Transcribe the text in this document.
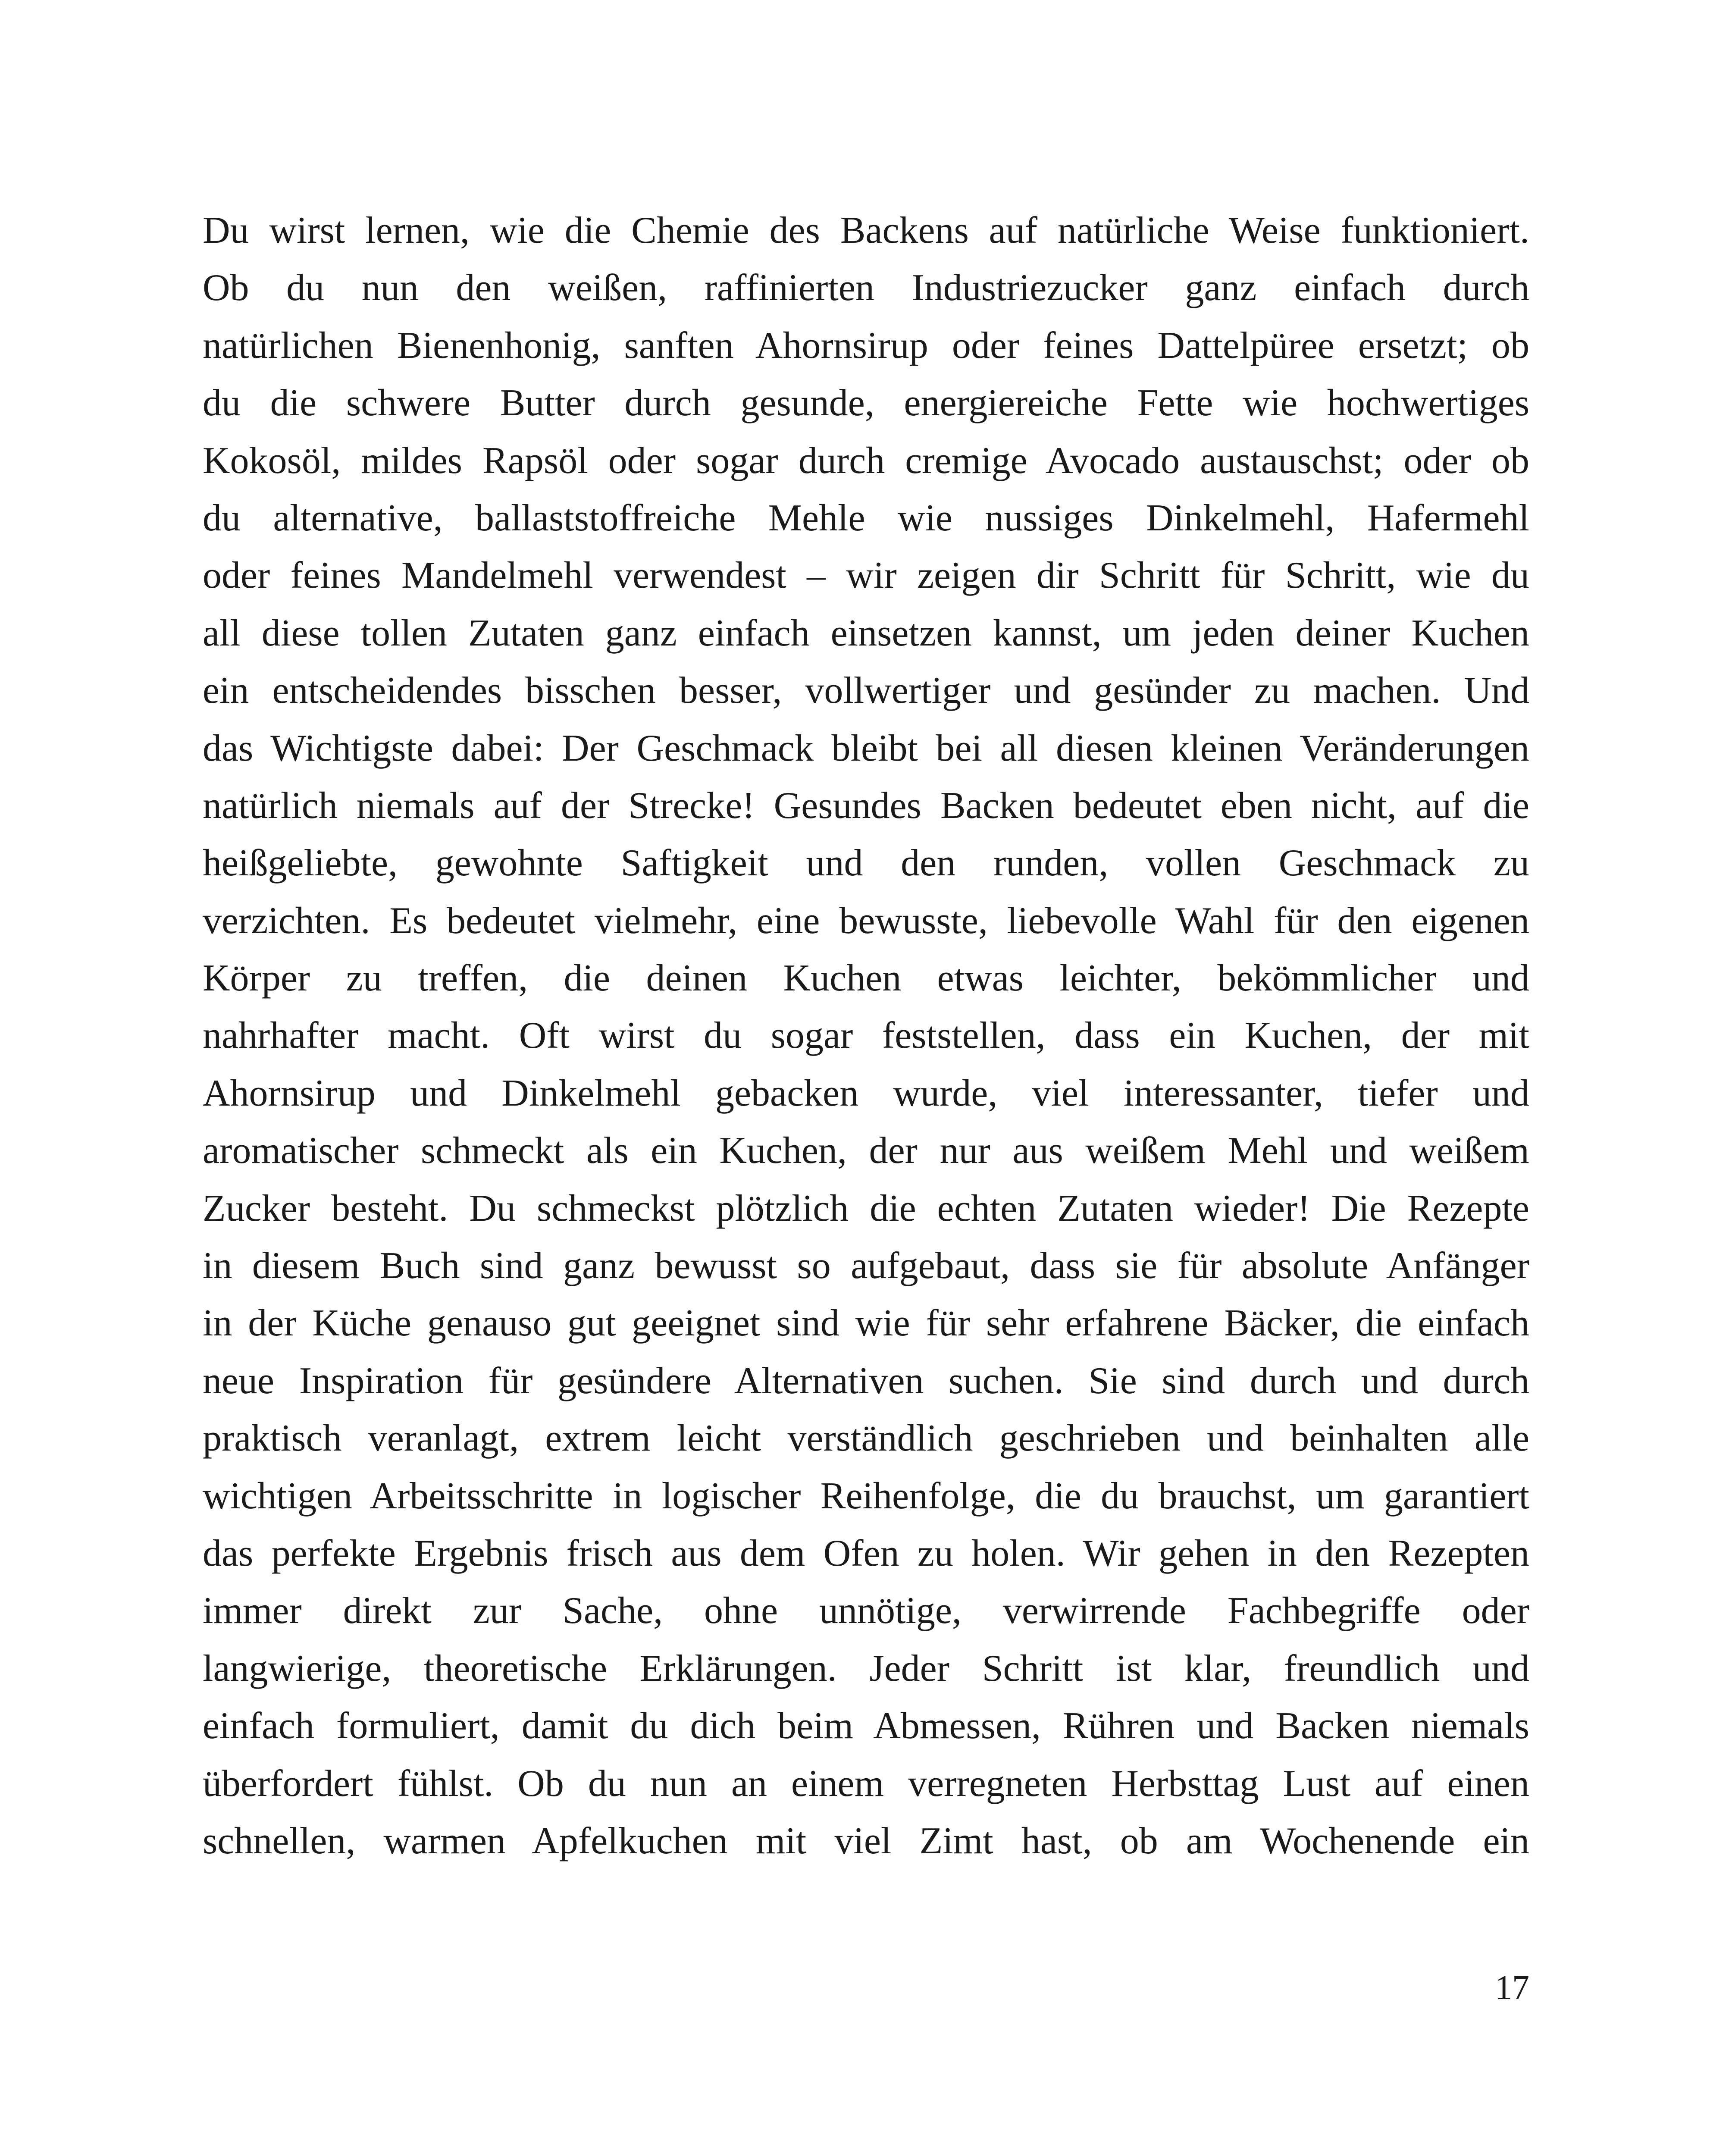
Du wirst lernen, wie die Chemie des Backens auf natürliche Weise funktioniert.
Ob du nun den weißen, raffinierten Industriezucker ganz einfach durch
natürlichen Bienenhonig, sanften Ahornsirup oder feines Dattelpüree ersetzt; ob
du die schwere Butter durch gesunde, energiereiche Fette wie hochwertiges
Kokosöl, mildes Rapsöl oder sogar durch cremige Avocado austauschst; oder ob
du alternative, ballaststoffreiche Mehle wie nussiges Dinkelmehl, Hafermehl
oder feines Mandelmehl verwendest – wir zeigen dir Schritt für Schritt, wie du
all diese tollen Zutaten ganz einfach einsetzen kannst, um jeden deiner Kuchen
ein entscheidendes bisschen besser, vollwertiger und gesünder zu machen. Und
das Wichtigste dabei: Der Geschmack bleibt bei all diesen kleinen Veränderungen
natürlich niemals auf der Strecke! Gesundes Backen bedeutet eben nicht, auf die
heißgeliebte, gewohnte Saftigkeit und den runden, vollen Geschmack zu
verzichten. Es bedeutet vielmehr, eine bewusste, liebevolle Wahl für den eigenen
Körper zu treffen, die deinen Kuchen etwas leichter, bekömmlicher und
nahrhafter macht. Oft wirst du sogar feststellen, dass ein Kuchen, der mit
Ahornsirup und Dinkelmehl gebacken wurde, viel interessanter, tiefer und
aromatischer schmeckt als ein Kuchen, der nur aus weißem Mehl und weißem
Zucker besteht. Du schmeckst plötzlich die echten Zutaten wieder! Die Rezepte
in diesem Buch sind ganz bewusst so aufgebaut, dass sie für absolute Anfänger
in der Küche genauso gut geeignet sind wie für sehr erfahrene Bäcker, die einfach
neue Inspiration für gesündere Alternativen suchen. Sie sind durch und durch
praktisch veranlagt, extrem leicht verständlich geschrieben und beinhalten alle
wichtigen Arbeitsschritte in logischer Reihenfolge, die du brauchst, um garantiert
das perfekte Ergebnis frisch aus dem Ofen zu holen. Wir gehen in den Rezepten
immer direkt zur Sache, ohne unnötige, verwirrende Fachbegriffe oder
langwierige, theoretische Erklärungen. Jeder Schritt ist klar, freundlich und
einfach formuliert, damit du dich beim Abmessen, Rühren und Backen niemals
überfordert fühlst. Ob du nun an einem verregneten Herbsttag Lust auf einen
schnellen, warmen Apfelkuchen mit viel Zimt hast, ob am Wochenende ein
17
